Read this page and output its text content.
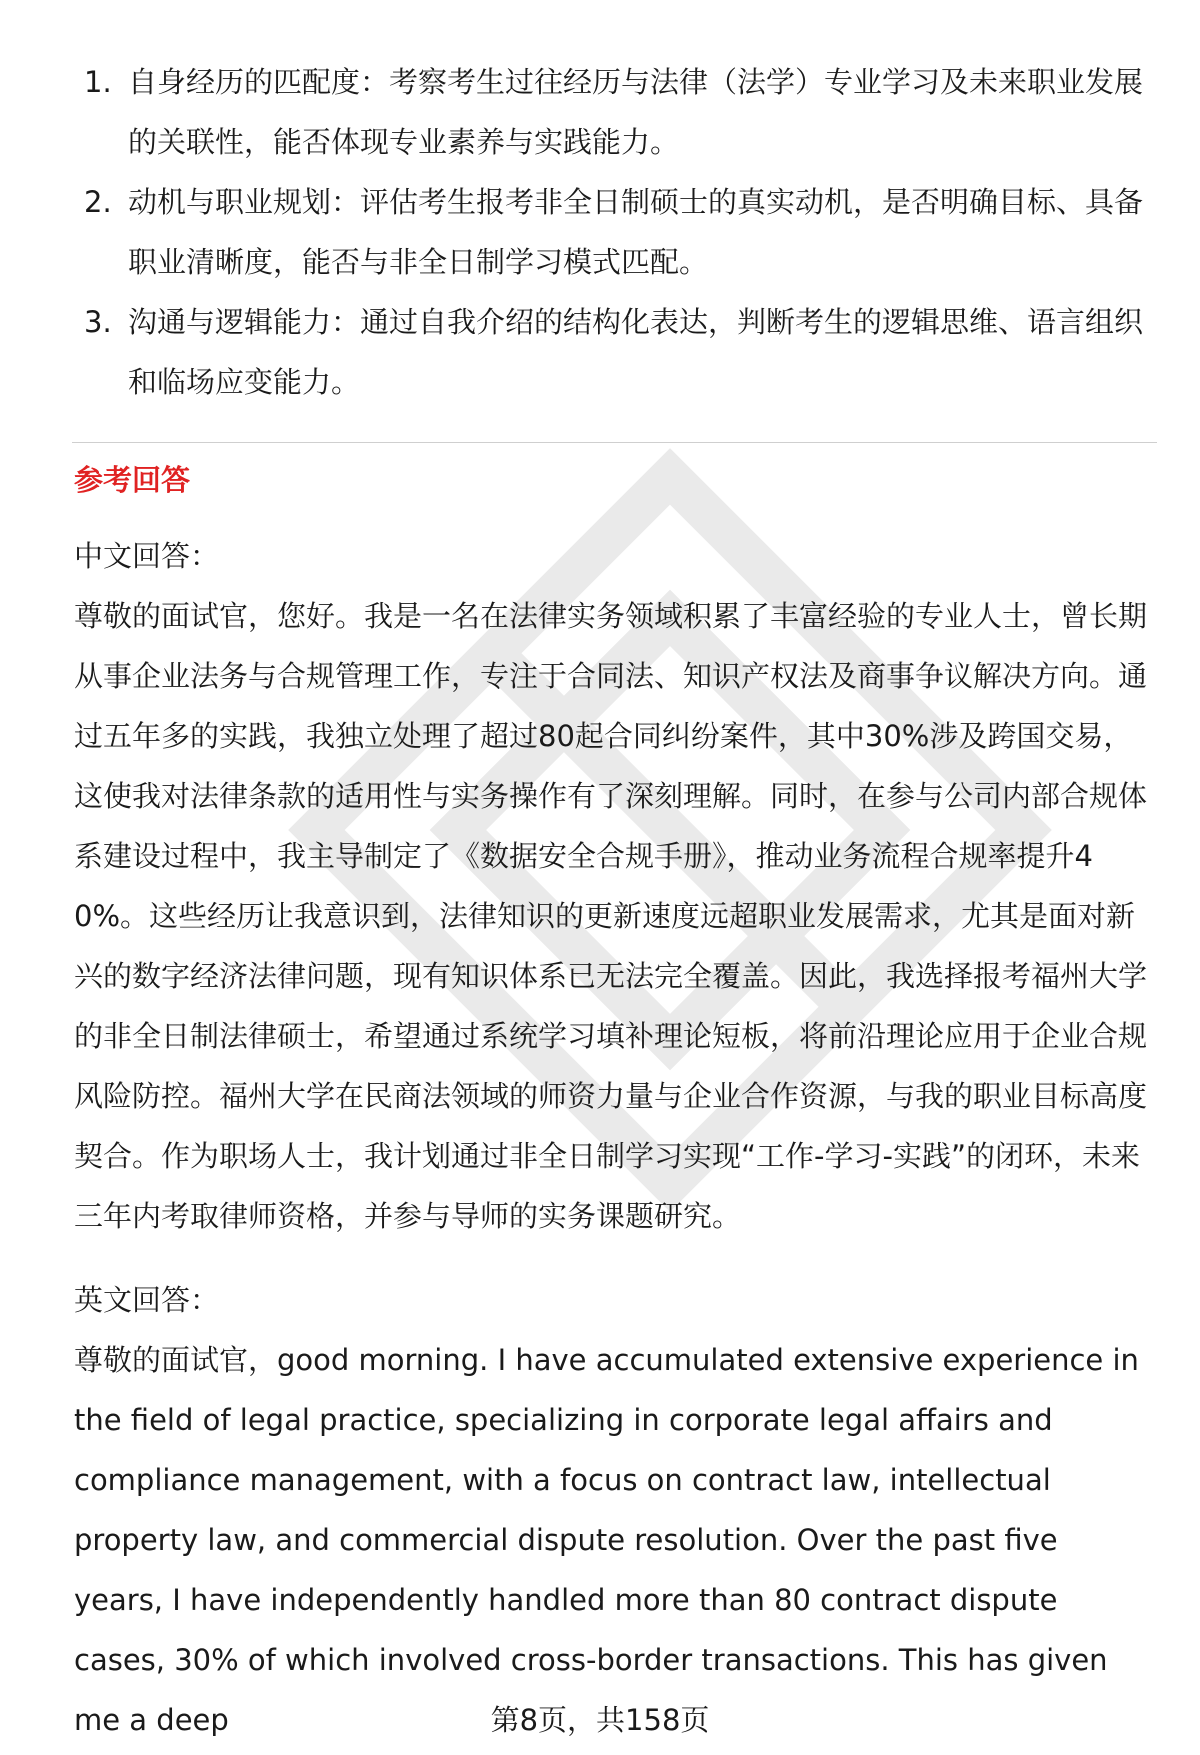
1. 自身经历的匹配度：考察考生过往经历与法律（法学）专业学习及未来职业发展的关联性，能否体现专业素养与实践能力。
2. 动机与职业规划：评估考生报考非全日制硕士的真实动机，是否明确目标、具备职业清晰度，能否与非全日制学习模式匹配。
3. 沟通与逻辑能力：通过自我介绍的结构化表达，判断考生的逻辑思维、语言组织和临场应变能力。
参考回答
中文回答：

尊敬的面试官，您好。我是一名在法律实务领域积累了丰富经验的专业人士，曾长期从事企业法务与合规管理工作，专注于合同法、知识产权法及商事争议解决方向。通过五年多的实践，我独立处理了超过80起合同纠纷案件，其中30%涉及跨国交易，这使我对法律条款的适用性与实务操作有了深刻理解。同时，在参与公司内部合规体系建设过程中，我主导制定了《数据安全合规手册》，推动业务流程合规率提升40%。这些经历让我意识到，法律知识的更新速度远超职业发展需求，尤其是面对新兴的数字经济法律问题，现有知识体系已无法完全覆盖。因此，我选择报考福州大学的非全日制法律硕士，希望通过系统学习填补理论短板，将前沿理论应用于企业合规风险防控。福州大学在民商法领域的师资力量与企业合作资源，与我的职业目标高度契合。作为职场人士，我计划通过非全日制学习实现“工作-学习-实践”的闭环，未来三年内考取律师资格，并参与导师的实务课题研究。

英文回答：

尊敬的面试官，good morning. I have accumulated extensive experience in the field of legal practice, specializing in corporate legal affairs and compliance management, with a focus on contract law, intellectual property law, and commercial dispute resolution. Over the past five years, I have independently handled more than 80 contract dispute cases, 30% of which involved cross-border transactions. This has given me a deep	第8页，共158页
